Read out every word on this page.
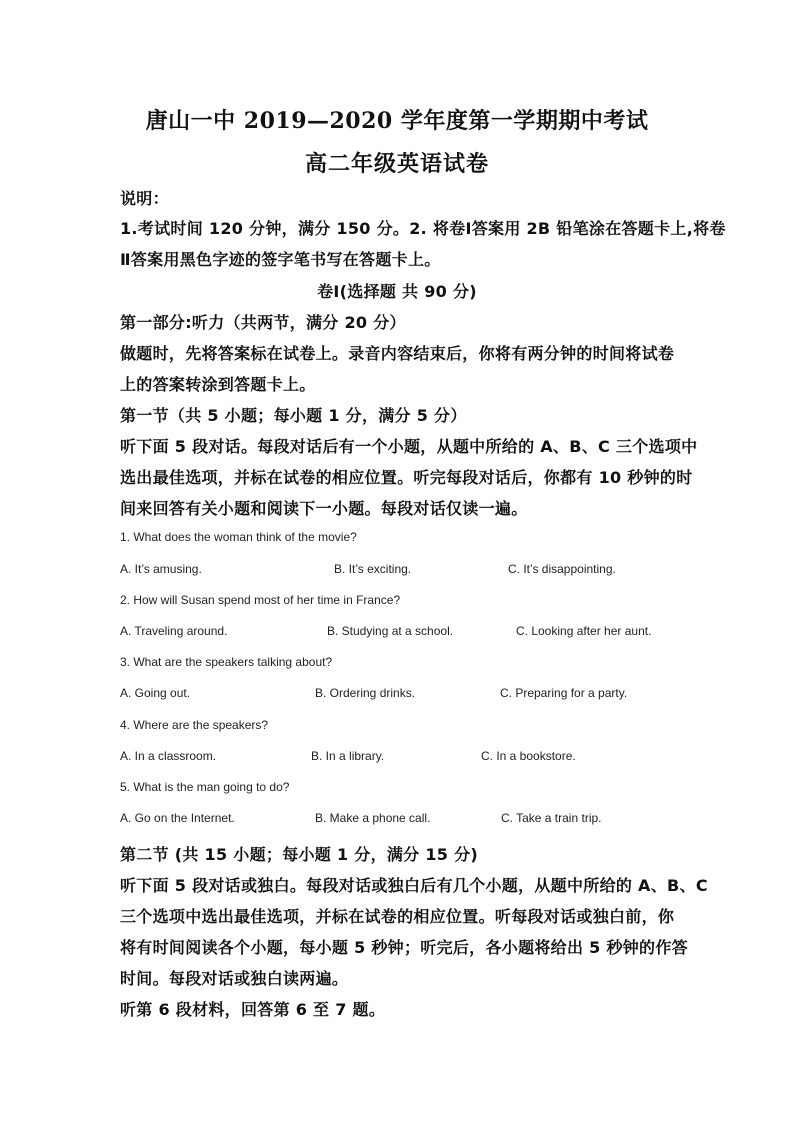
唐山一中 2019—2020 学年度第一学期期中考试
高二年级英语试卷
说明：
1.考试时间 120 分钟，满分 150 分。2. 将卷Ⅰ答案用 2B 铅笔涂在答题卡上,将卷
Ⅱ答案用黑色字迹的签字笔书写在答题卡上。
卷Ⅰ(选择题 共 90 分)
第一部分:听力（共两节，满分 20 分）
做题时，先将答案标在试卷上。录音内容结束后，你将有两分钟的时间将试卷
上的答案转涂到答题卡上。
第一节（共 5 小题；每小题 1 分，满分 5 分）
听下面 5 段对话。每段对话后有一个小题，从题中所给的 A、B、C 三个选项中
选出最佳选项，并标在试卷的相应位置。听完每段对话后，你都有 10 秒钟的时
间来回答有关小题和阅读下一小题。每段对话仅读一遍。
1. What does the woman think of the movie?
A. It’s amusing.	B. It’s exciting.	C. It’s disappointing.
2. How will Susan spend most of her time in France?
A. Traveling around.	B. Studying at a school.	C. Looking after her aunt.
3. What are the speakers talking about?
A. Going out.	B. Ordering drinks.	C. Preparing for a party.
4. Where are the speakers?
A. In a classroom.	B. In a library.	C. In a bookstore.
5. What is the man going to do?
A. Go on the Internet.	B. Make a phone call.	C. Take a train trip.
第二节 (共 15 小题；每小题 1 分，满分 15 分)
听下面 5 段对话或独白。每段对话或独白后有几个小题，从题中所给的 A、B、C
三个选项中选出最佳选项，并标在试卷的相应位置。听每段对话或独白前，你
将有时间阅读各个小题，每小题 5 秒钟；听完后，各小题将给出 5 秒钟的作答
时间。每段对话或独白读两遍。
听第 6 段材料，回答第 6 至 7 题。
